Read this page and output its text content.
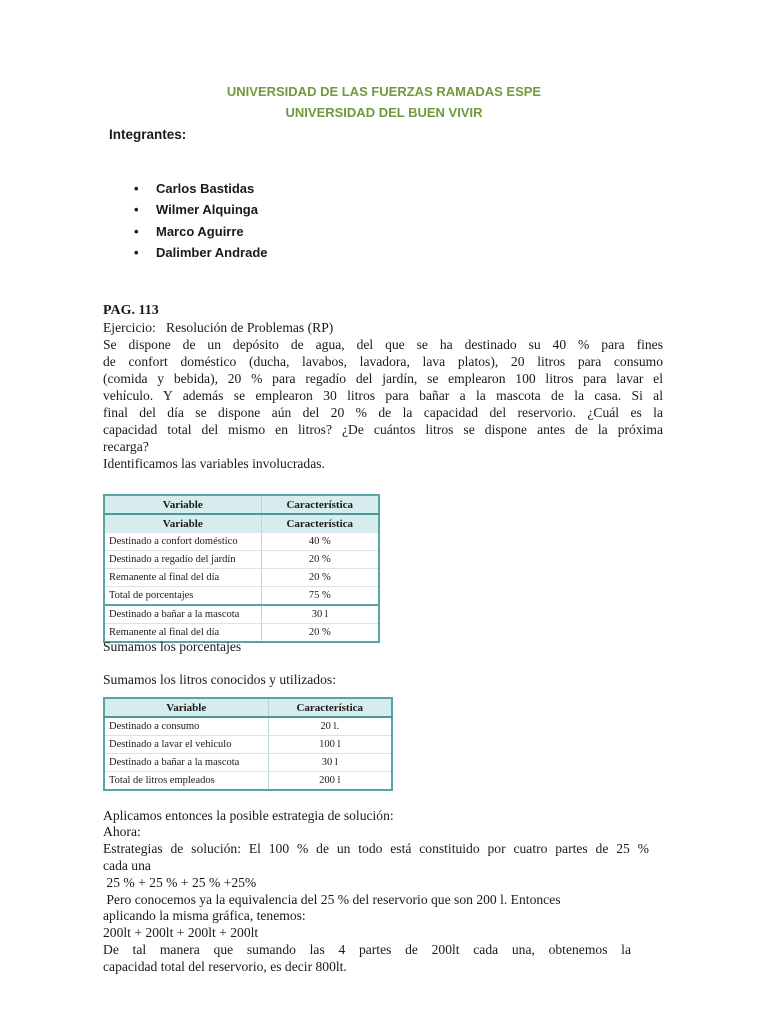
UNIVERSIDAD DE LAS FUERZAS RAMADAS ESPE
UNIVERSIDAD DEL BUEN VIVIR
Integrantes:
• Carlos Bastidas
• Wilmer Alquinga
• Marco Aguirre
• Dalimber Andrade
PAG. 113
Ejercicio:   Resolución de Problemas (RP)
Se dispone de un depósito de agua, del que se ha destinado su 40 % para fines
de confort doméstico (ducha, lavabos, lavadora, lava platos), 20 litros para consumo
(comida y bebida), 20 % para regadío del jardín, se emplearon 100 litros para lavar el
vehículo. Y además se emplearon 30 litros para bañar a la mascota de la casa. Si al
final del día se dispone aún del 20 % de la capacidad del reservorio. ¿Cuál es la
capacidad total del mismo en litros? ¿De cuántos litros se dispone antes de la próxima
recarga?
Identificamos las variables involucradas.
Variable	Característica
Variable	Característica
Destinado a confort doméstico	40 %
Destinado a regadío del jardín	20 %
Remanente al final del día	20 %
Total de porcentajes	75 %
Destinado a bañar a la mascota	30 l
Remanente al final del día	20 %
Sumamos los porcentajes
Sumamos los litros conocidos y utilizados:
Variable	Característica
Destinado a consumo	20 l.
Destinado a lavar el vehículo	100 l
Destinado a bañar a la mascota	30 l
Total de litros empleados	200 l
Aplicamos entonces la posible estrategia de solución:
Ahora:
Estrategias de solución: El 100 % de un todo está constituido por cuatro partes de 25 %
cada una
25 % + 25 % + 25 % +25%
Pero conocemos ya la equivalencia del 25 % del reservorio que son 200 l. Entonces
aplicando la misma gráfica, tenemos:
200lt + 200lt + 200lt + 200lt
De tal manera que sumando las 4 partes de 200lt cada una, obtenemos la
capacidad total del reservorio, es decir 800lt.
